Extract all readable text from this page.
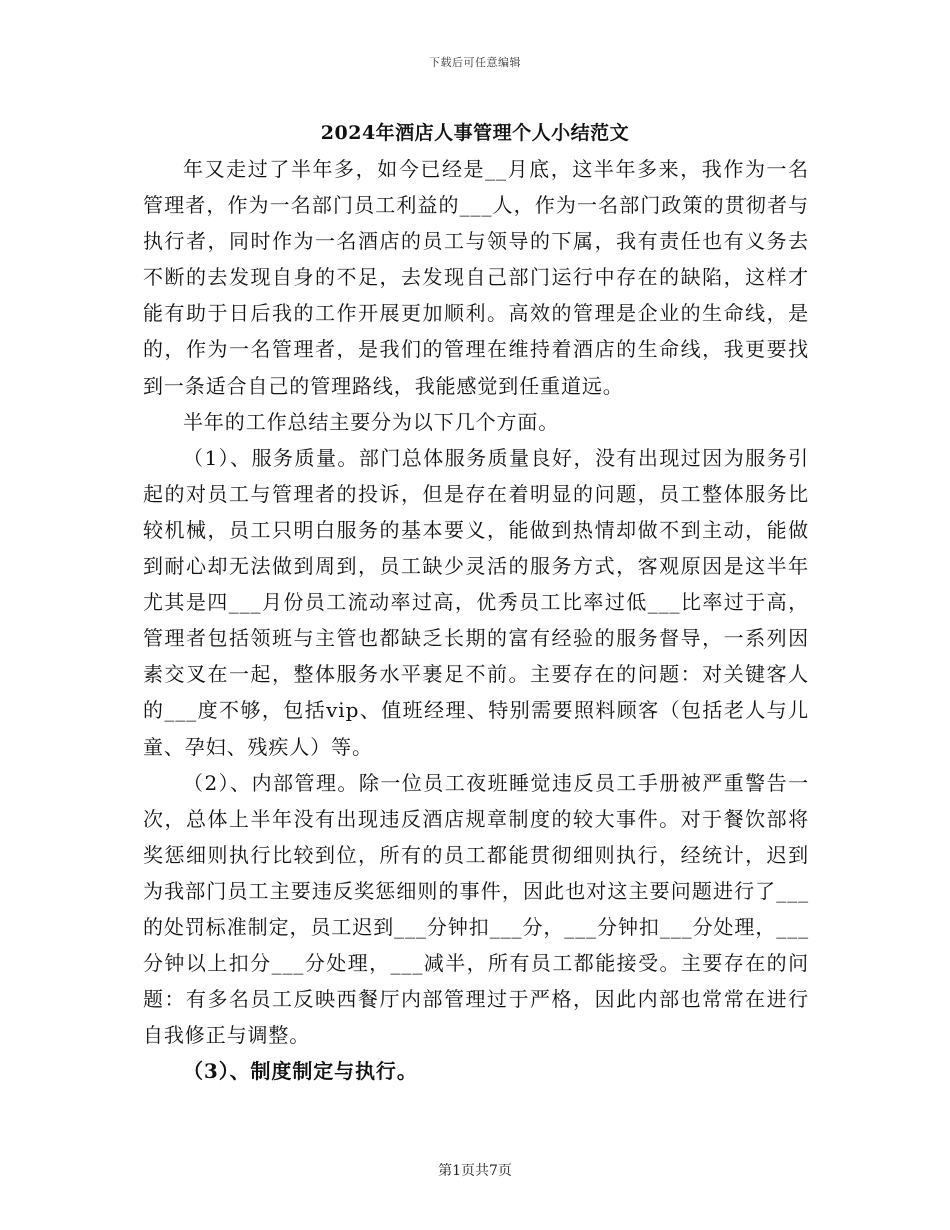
下载后可任意编辑
2024年酒店人事管理个人小结范文

年又走过了半年多，如今已经是__月底，这半年多来，我作为一名管理者，作为一名部门员工利益的___人，作为一名部门政策的贯彻者与执行者，同时作为一名酒店的员工与领导的下属，我有责任也有义务去不断的去发现自身的不足，去发现自己部门运行中存在的缺陷，这样才能有助于日后我的工作开展更加顺利。高效的管理是企业的生命线，是的，作为一名管理者，是我们的管理在维持着酒店的生命线，我更要找到一条适合自己的管理路线，我能感觉到任重道远。

半年的工作总结主要分为以下几个方面。

（1）、服务质量。部门总体服务质量良好，没有出现过因为服务引起的对员工与管理者的投诉，但是存在着明显的问题，员工整体服务比较机械，员工只明白服务的基本要义，能做到热情却做不到主动，能做到耐心却无法做到周到，员工缺少灵活的服务方式，客观原因是这半年尤其是四___月份员工流动率过高，优秀员工比率过低___比率过于高，管理者包括领班与主管也都缺乏长期的富有经验的服务督导，一系列因素交叉在一起，整体服务水平裹足不前。主要存在的问题：对关键客人的___度不够，包括vip、值班经理、特别需要照料顾客（包括老人与儿童、孕妇、残疾人）等。

（2）、内部管理。除一位员工夜班睡觉违反员工手册被严重警告一次，总体上半年没有出现违反酒店规章制度的较大事件。对于餐饮部将奖惩细则执行比较到位，所有的员工都能贯彻细则执行，经统计，迟到为我部门员工主要违反奖惩细则的事件，因此也对这主要问题进行了___的处罚标准制定，员工迟到___分钟扣___分，___分钟扣___分处理，___分钟以上扣分___分处理，___减半，所有员工都能接受。主要存在的问题：有多名员工反映西餐厅内部管理过于严格，因此内部也常常在进行自我修正与调整。

（3）、制度制定与执行。

第1页共7页
